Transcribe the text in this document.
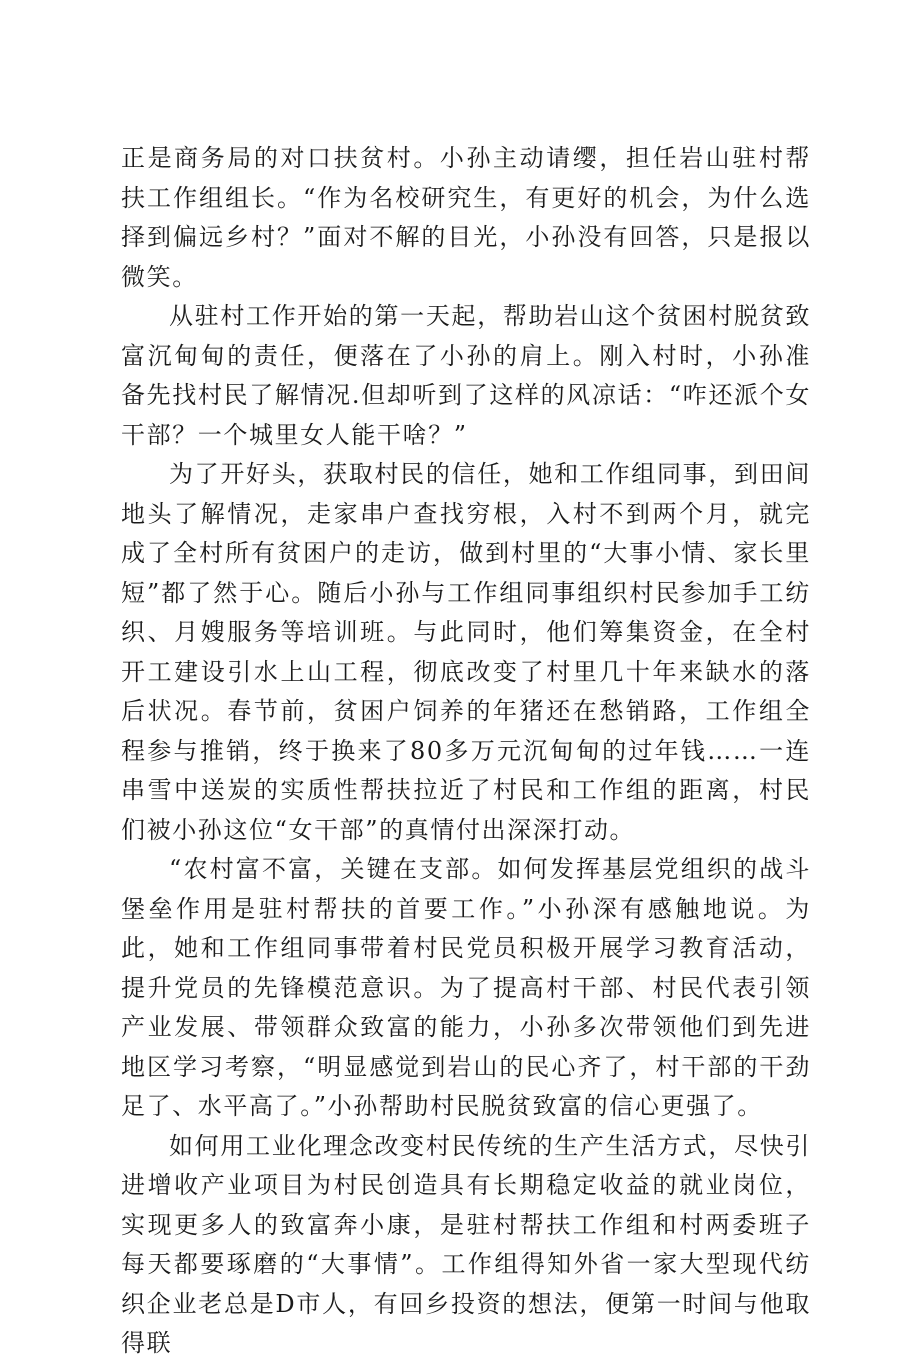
正是商务局的对口扶贫村。小孙主动请缨，担任岩山驻村帮扶工作组组长。“作为名校研究生，有更好的机会，为什么选择到偏远乡村？”面对不解的目光，小孙没有回答，只是报以微笑。

从驻村工作开始的第一天起，帮助岩山这个贫困村脱贫致富沉甸甸的责任，便落在了小孙的肩上。刚入村时，小孙准备先找村民了解情况.但却听到了这样的风凉话：“咋还派个女干部？一个城里女人能干啥？”

为了开好头，获取村民的信任，她和工作组同事，到田间地头了解情况，走家串户查找穷根，入村不到两个月，就完成了全村所有贫困户的走访，做到村里的“大事小情、家长里短”都了然于心。随后小孙与工作组同事组织村民参加手工纺织、月嫂服务等培训班。与此同时，他们筹集资金，在全村开工建设引水上山工程，彻底改变了村里几十年来缺水的落后状况。春节前，贫困户饲养的年猪还在愁销路，工作组全程参与推销，终于换来了80多万元沉甸甸的过年钱……一连串雪中送炭的实质性帮扶拉近了村民和工作组的距离，村民们被小孙这位“女干部”的真情付出深深打动。

“农村富不富，关键在支部。如何发挥基层党组织的战斗堡垒作用是驻村帮扶的首要工作。”小孙深有感触地说。为此，她和工作组同事带着村民党员积极开展学习教育活动，提升党员的先锋模范意识。为了提高村干部、村民代表引领产业发展、带领群众致富的能力，小孙多次带领他们到先进地区学习考察，“明显感觉到岩山的民心齐了，村干部的干劲足了、水平高了。”小孙帮助村民脱贫致富的信心更强了。

如何用工业化理念改变村民传统的生产生活方式，尽快引进增收产业项目为村民创造具有长期稳定收益的就业岗位，实现更多人的致富奔小康，是驻村帮扶工作组和村两委班子每天都要琢磨的“大事情”。工作组得知外省一家大型现代纺织企业老总是D市人，有回乡投资的想法，便第一时间与他取得联
